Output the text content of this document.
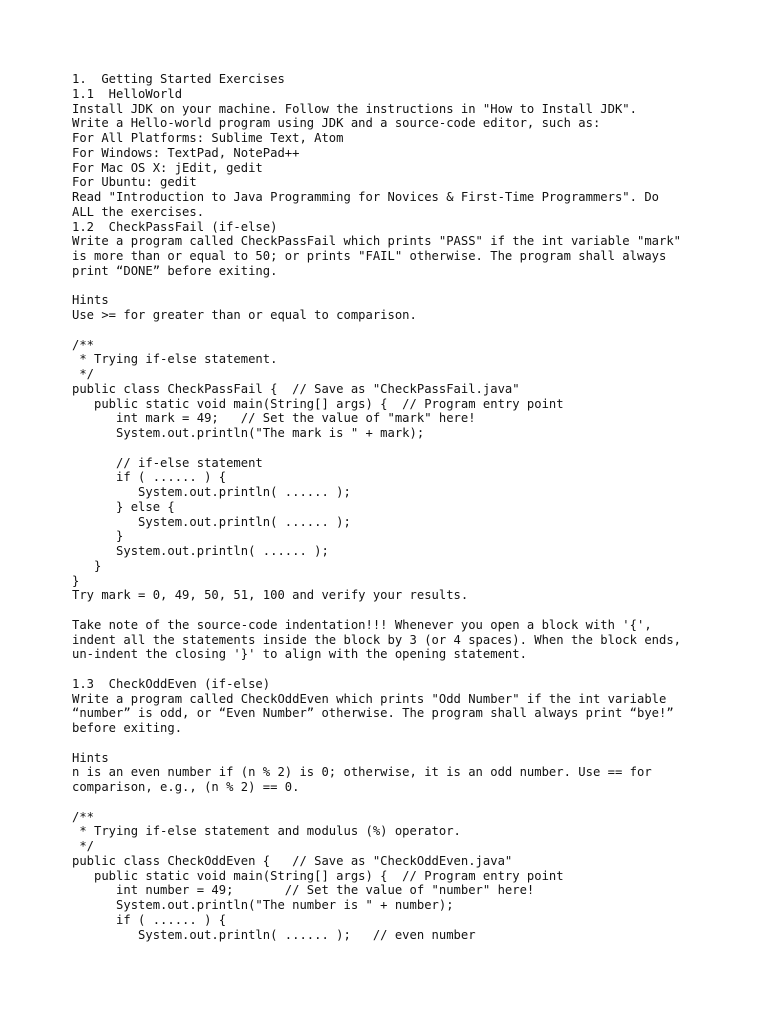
1.  Getting Started Exercises
1.1  HelloWorld
Install JDK on your machine. Follow the instructions in "How to Install JDK".
Write a Hello-world program using JDK and a source-code editor, such as:
For All Platforms: Sublime Text, Atom
For Windows: TextPad, NotePad++
For Mac OS X: jEdit, gedit
For Ubuntu: gedit
Read "Introduction to Java Programming for Novices & First-Time Programmers". Do
ALL the exercises.
1.2  CheckPassFail (if-else)
Write a program called CheckPassFail which prints "PASS" if the int variable "mark"
is more than or equal to 50; or prints "FAIL" otherwise. The program shall always
print “DONE” before exiting.
Hints
Use >= for greater than or equal to comparison.
/**
* Trying if-else statement.
*/
public class CheckPassFail {  // Save as "CheckPassFail.java"
public static void main(String[] args) {  // Program entry point
int mark = 49;   // Set the value of "mark" here!
System.out.println("The mark is " + mark);
// if-else statement
if ( ...... ) {
System.out.println( ...... );
} else {
System.out.println( ...... );
}
System.out.println( ...... );
}
}
Try mark = 0, 49, 50, 51, 100 and verify your results.
Take note of the source-code indentation!!! Whenever you open a block with '{',
indent all the statements inside the block by 3 (or 4 spaces). When the block ends,
un-indent the closing '}' to align with the opening statement.
1.3  CheckOddEven (if-else)
Write a program called CheckOddEven which prints "Odd Number" if the int variable
“number” is odd, or “Even Number” otherwise. The program shall always print “bye!”
before exiting.
Hints
n is an even number if (n % 2) is 0; otherwise, it is an odd number. Use == for
comparison, e.g., (n % 2) == 0.
/**
* Trying if-else statement and modulus (%) operator.
*/
public class CheckOddEven {   // Save as "CheckOddEven.java"
public static void main(String[] args) {  // Program entry point
int number = 49;       // Set the value of "number" here!
System.out.println("The number is " + number);
if ( ...... ) {
System.out.println( ...... );   // even number
